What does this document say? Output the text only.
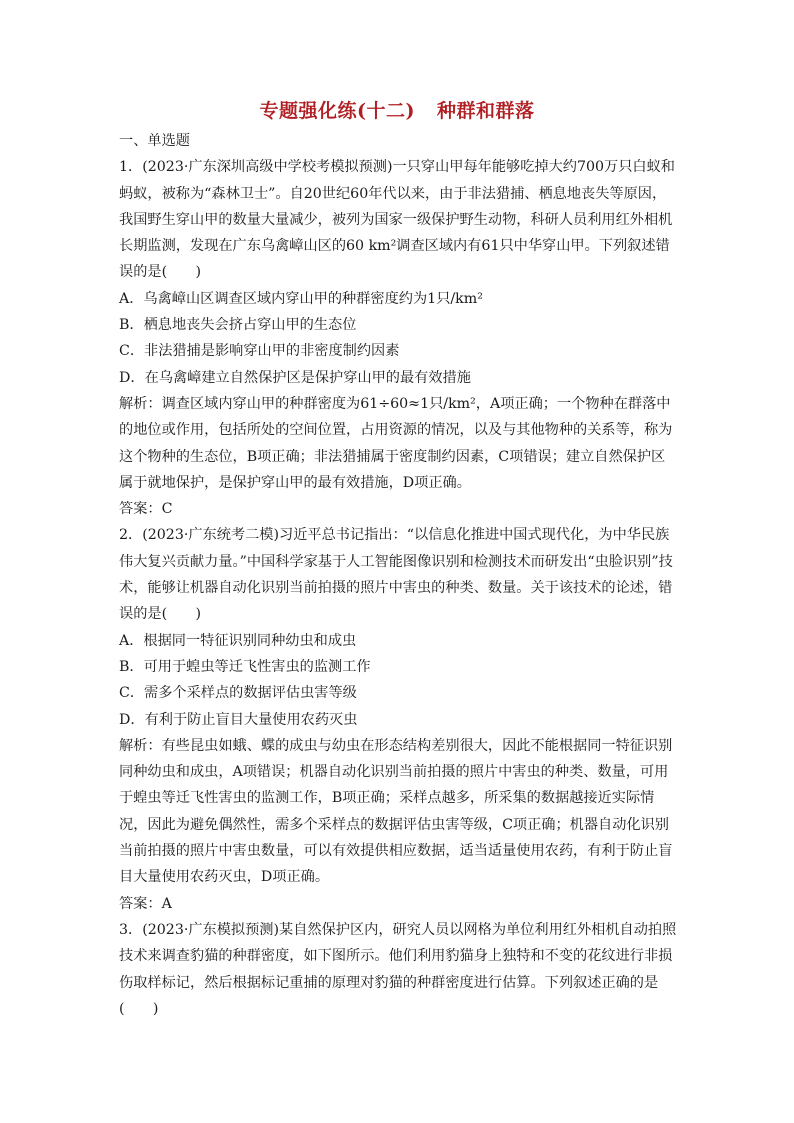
专题强化练(十二) 种群和群落

一、单选题

1．(2023·广东深圳高级中学校考模拟预测)一只穿山甲每年能够吃掉大约700万只白蚁和蚂蚁，被称为“森林卫士”。自20世纪60年代以来，由于非法猎捕、栖息地丧失等原因，我国野生穿山甲的数量大量减少，被列为国家一级保护野生动物，科研人员利用红外相机长期监测，发现在广东乌禽嶂山区的60 km²调查区域内有61只中华穿山甲。下列叙述错误的是(　　)

A．乌禽嶂山区调查区域内穿山甲的种群密度约为1只/km²

B．栖息地丧失会挤占穿山甲的生态位

C．非法猎捕是影响穿山甲的非密度制约因素

D．在乌禽嶂建立自然保护区是保护穿山甲的最有效措施

解析：调查区域内穿山甲的种群密度为61÷60≈1只/km²，A项正确；一个物种在群落中的地位或作用，包括所处的空间位置，占用资源的情况，以及与其他物种的关系等，称为这个物种的生态位，B项正确；非法猎捕属于密度制约因素，C项错误；建立自然保护区属于就地保护，是保护穿山甲的最有效措施，D项正确。

答案：C

2．(2023·广东统考二模)习近平总书记指出：“以信息化推进中国式现代化，为中华民族伟大复兴贡献力量。”中国科学家基于人工智能图像识别和检测技术而研发出“虫脸识别”技术，能够让机器自动化识别当前拍摄的照片中害虫的种类、数量。关于该技术的论述，错误的是(　　)

A．根据同一特征识别同种幼虫和成虫

B．可用于蝗虫等迁飞性害虫的监测工作

C．需多个采样点的数据评估虫害等级

D．有利于防止盲目大量使用农药灭虫

解析：有些昆虫如蛾、蝶的成虫与幼虫在形态结构差别很大，因此不能根据同一特征识别同种幼虫和成虫，A项错误；机器自动化识别当前拍摄的照片中害虫的种类、数量，可用于蝗虫等迁飞性害虫的监测工作，B项正确；采样点越多，所采集的数据越接近实际情况，因此为避免偶然性，需多个采样点的数据评估虫害等级，C项正确；机器自动化识别当前拍摄的照片中害虫数量，可以有效提供相应数据，适当适量使用农药，有利于防止盲目大量使用农药灭虫，D项正确。

答案：A

3．(2023·广东模拟预测)某自然保护区内，研究人员以网格为单位利用红外相机自动拍照技术来调查豹猫的种群密度，如下图所示。他们利用豹猫身上独特和不变的花纹进行非损伤取样标记，然后根据标记重捕的原理对豹猫的种群密度进行估算。下列叙述正确的是(　　)
